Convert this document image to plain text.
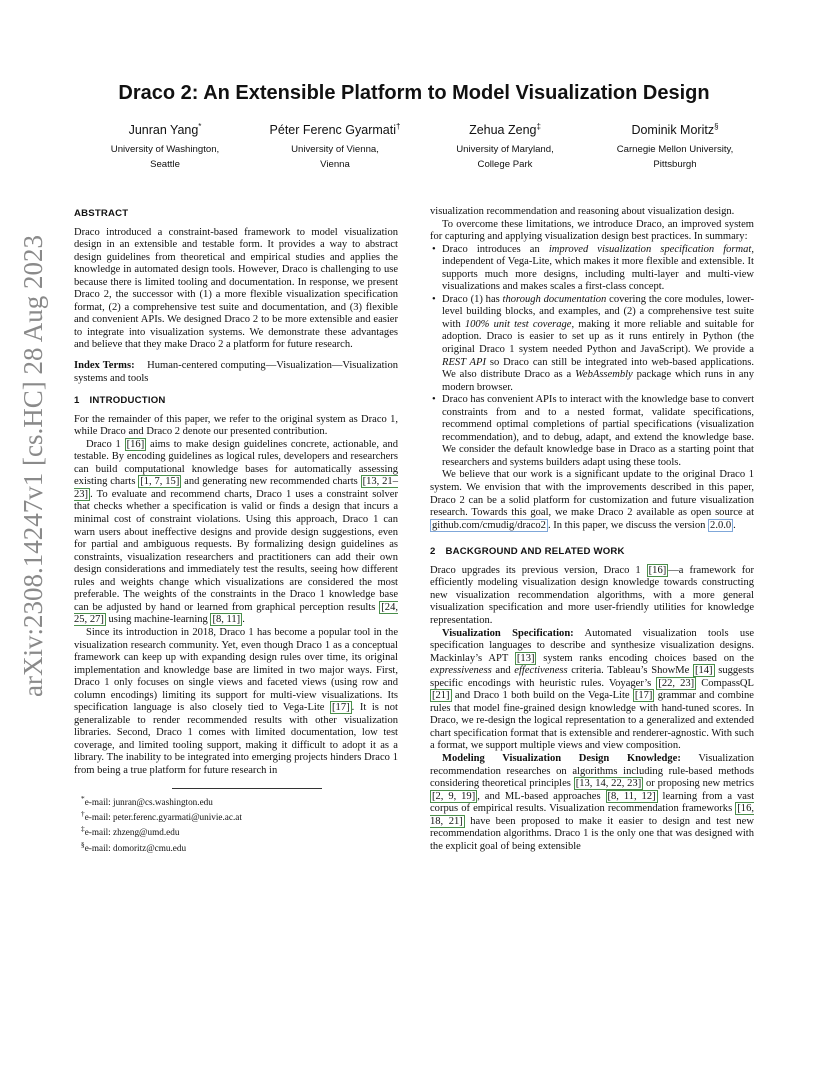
arXiv:2308.14247v1 [cs.HC] 28 Aug 2023
Draco 2: An Extensible Platform to Model Visualization Design
Junran Yang*
University of Washington,
Seattle
Péter Ferenc Gyarmati†
University of Vienna,
Vienna
Zehua Zeng‡
University of Maryland,
College Park
Dominik Moritz§
Carnegie Mellon University,
Pittsburgh
ABSTRACT

Draco introduced a constraint-based framework to model visualization design in an extensible and testable form. It provides a way to abstract design guidelines from theoretical and empirical studies and applies the knowledge in automated design tools. However, Draco is challenging to use because there is limited tooling and documentation. In response, we present Draco 2, the successor with (1) a more flexible visualization specification format, (2) a comprehensive test suite and documentation, and (3) flexible and convenient APIs. We designed Draco 2 to be more extensible and easier to integrate into visualization systems. We demonstrate these advantages and believe that they make Draco 2 a platform for future research.

Index Terms: Human-centered computing—Visualization—Visualization systems and tools

1 INTRODUCTION

For the remainder of this paper, we refer to the original system as Draco 1, while Draco and Draco 2 denote our presented contribution.

Draco 1 [16] aims to make design guidelines concrete, actionable, and testable. By encoding guidelines as logical rules, developers and researchers can build computational knowledge bases for automatically assessing existing charts [1, 7, 15] and generating new recommended charts [13, 21–23] . To evaluate and recommend charts, Draco 1 uses a constraint solver that checks whether a specification is valid or finds a design that incurs a minimal cost of constraint violations. Using this approach, Draco 1 can warn users about ineffective designs and provide design suggestions, even for partial and ambiguous requests. By formalizing design guidelines as constraints, visualization researchers and practitioners can add their own design considerations and immediately test the results, seeing how different rules and weights change which visualizations are considered the most preferable. The weights of the constraints in the Draco 1 knowledge base can be adjusted by hand or learned from graphical perception results [24, 25, 27] using machine-learning [8, 11] .

Since its introduction in 2018, Draco 1 has become a popular tool in the visualization research community. Yet, even though Draco 1 as a conceptual framework can keep up with expanding design rules over time, its original implementation and knowledge base are limited in two major ways. First, Draco 1 only focuses on single views and faceted views (using row and column encodings) limiting its support for multi-view visualizations. Its specification language is also closely tied to Vega-Lite [17] . It is not generalizable to render recommended results with other visualization libraries. Second, Draco 1 comes with limited documentation, low test coverage, and limited tooling support, making it difficult to adopt it as a library. The inability to be integrated into emerging projects hinders Draco 1 from being a true platform for future research in

*e-mail: junran@cs.washington.edu
†e-mail: peter.ferenc.gyarmati@univie.ac.at
‡e-mail: zhzeng@umd.edu
§e-mail: domoritz@cmu.edu

visualization recommendation and reasoning about visualization design.

To overcome these limitations, we introduce Draco, an improved system for capturing and applying visualization design best practices. In summary:

• Draco introduces an improved visualization specification format, independent of Vega-Lite, which makes it more flexible and extensible. It supports much more designs, including multi-layer and multi-view visualizations and makes scales a first-class concept.
• Draco (1) has thorough documentation covering the core modules, lower-level building blocks, and examples, and (2) a comprehensive test suite with 100% unit test coverage, making it more reliable and suitable for adoption. Draco is easier to set up as it runs entirely in Python (the original Draco 1 system needed Python and JavaScript). We provide a REST API so Draco can still be integrated into web-based applications. We also distribute Draco as a WebAssembly package which runs in any modern browser.
• Draco has convenient APIs to interact with the knowledge base to convert constraints from and to a nested format, validate specifications, recommend optimal completions of partial specifications (visualization recommendation), and to debug, adapt, and extend the knowledge base. We consider the default knowledge base in Draco as a starting point that researchers and systems builders adapt using these tools.

We believe that our work is a significant update to the original Draco 1 system. We envision that with the improvements described in this paper, Draco 2 can be a solid platform for customization and future visualization research. Towards this goal, we make Draco 2 available as open source at github.com/cmudig/draco2 . In this paper, we discuss the version 2.0.0 .

2 BACKGROUND AND RELATED WORK

Draco upgrades its previous version, Draco 1 [16] —a framework for efficiently modeling visualization design knowledge towards constructing new visualization recommendation algorithms, with a more general visualization specification and more user-friendly utilities for knowledge representation.

Visualization Specification: Automated visualization tools use specification languages to describe and synthesize visualization designs. Mackinlay’s APT [13] system ranks encoding choices based on the expressiveness and effectiveness criteria. Tableau’s ShowMe [14] suggests specific encodings with heuristic rules. Voyager’s [22, 23] CompassQL [21] and Draco 1 both build on the Vega-Lite [17] grammar and combine rules that model fine-grained design knowledge with hand-tuned scores. In Draco, we re-design the logical representation to a generalized and extended chart specification format that is extensible and renderer-agnostic. With such a format, we support multiple views and view composition.

Modeling Visualization Design Knowledge: Visualization recommendation researches on algorithms including rule-based methods considering theoretical principles [13, 14, 22, 23] or proposing new metrics [2, 9, 19] , and ML-based approaches [8, 11, 12] learning from a vast corpus of empirical results. Visualization recommendation frameworks [16, 18, 21] have been proposed to make it easier to design and test new recommendation algorithms. Draco 1 is the only one that was designed with the explicit goal of being extensible
